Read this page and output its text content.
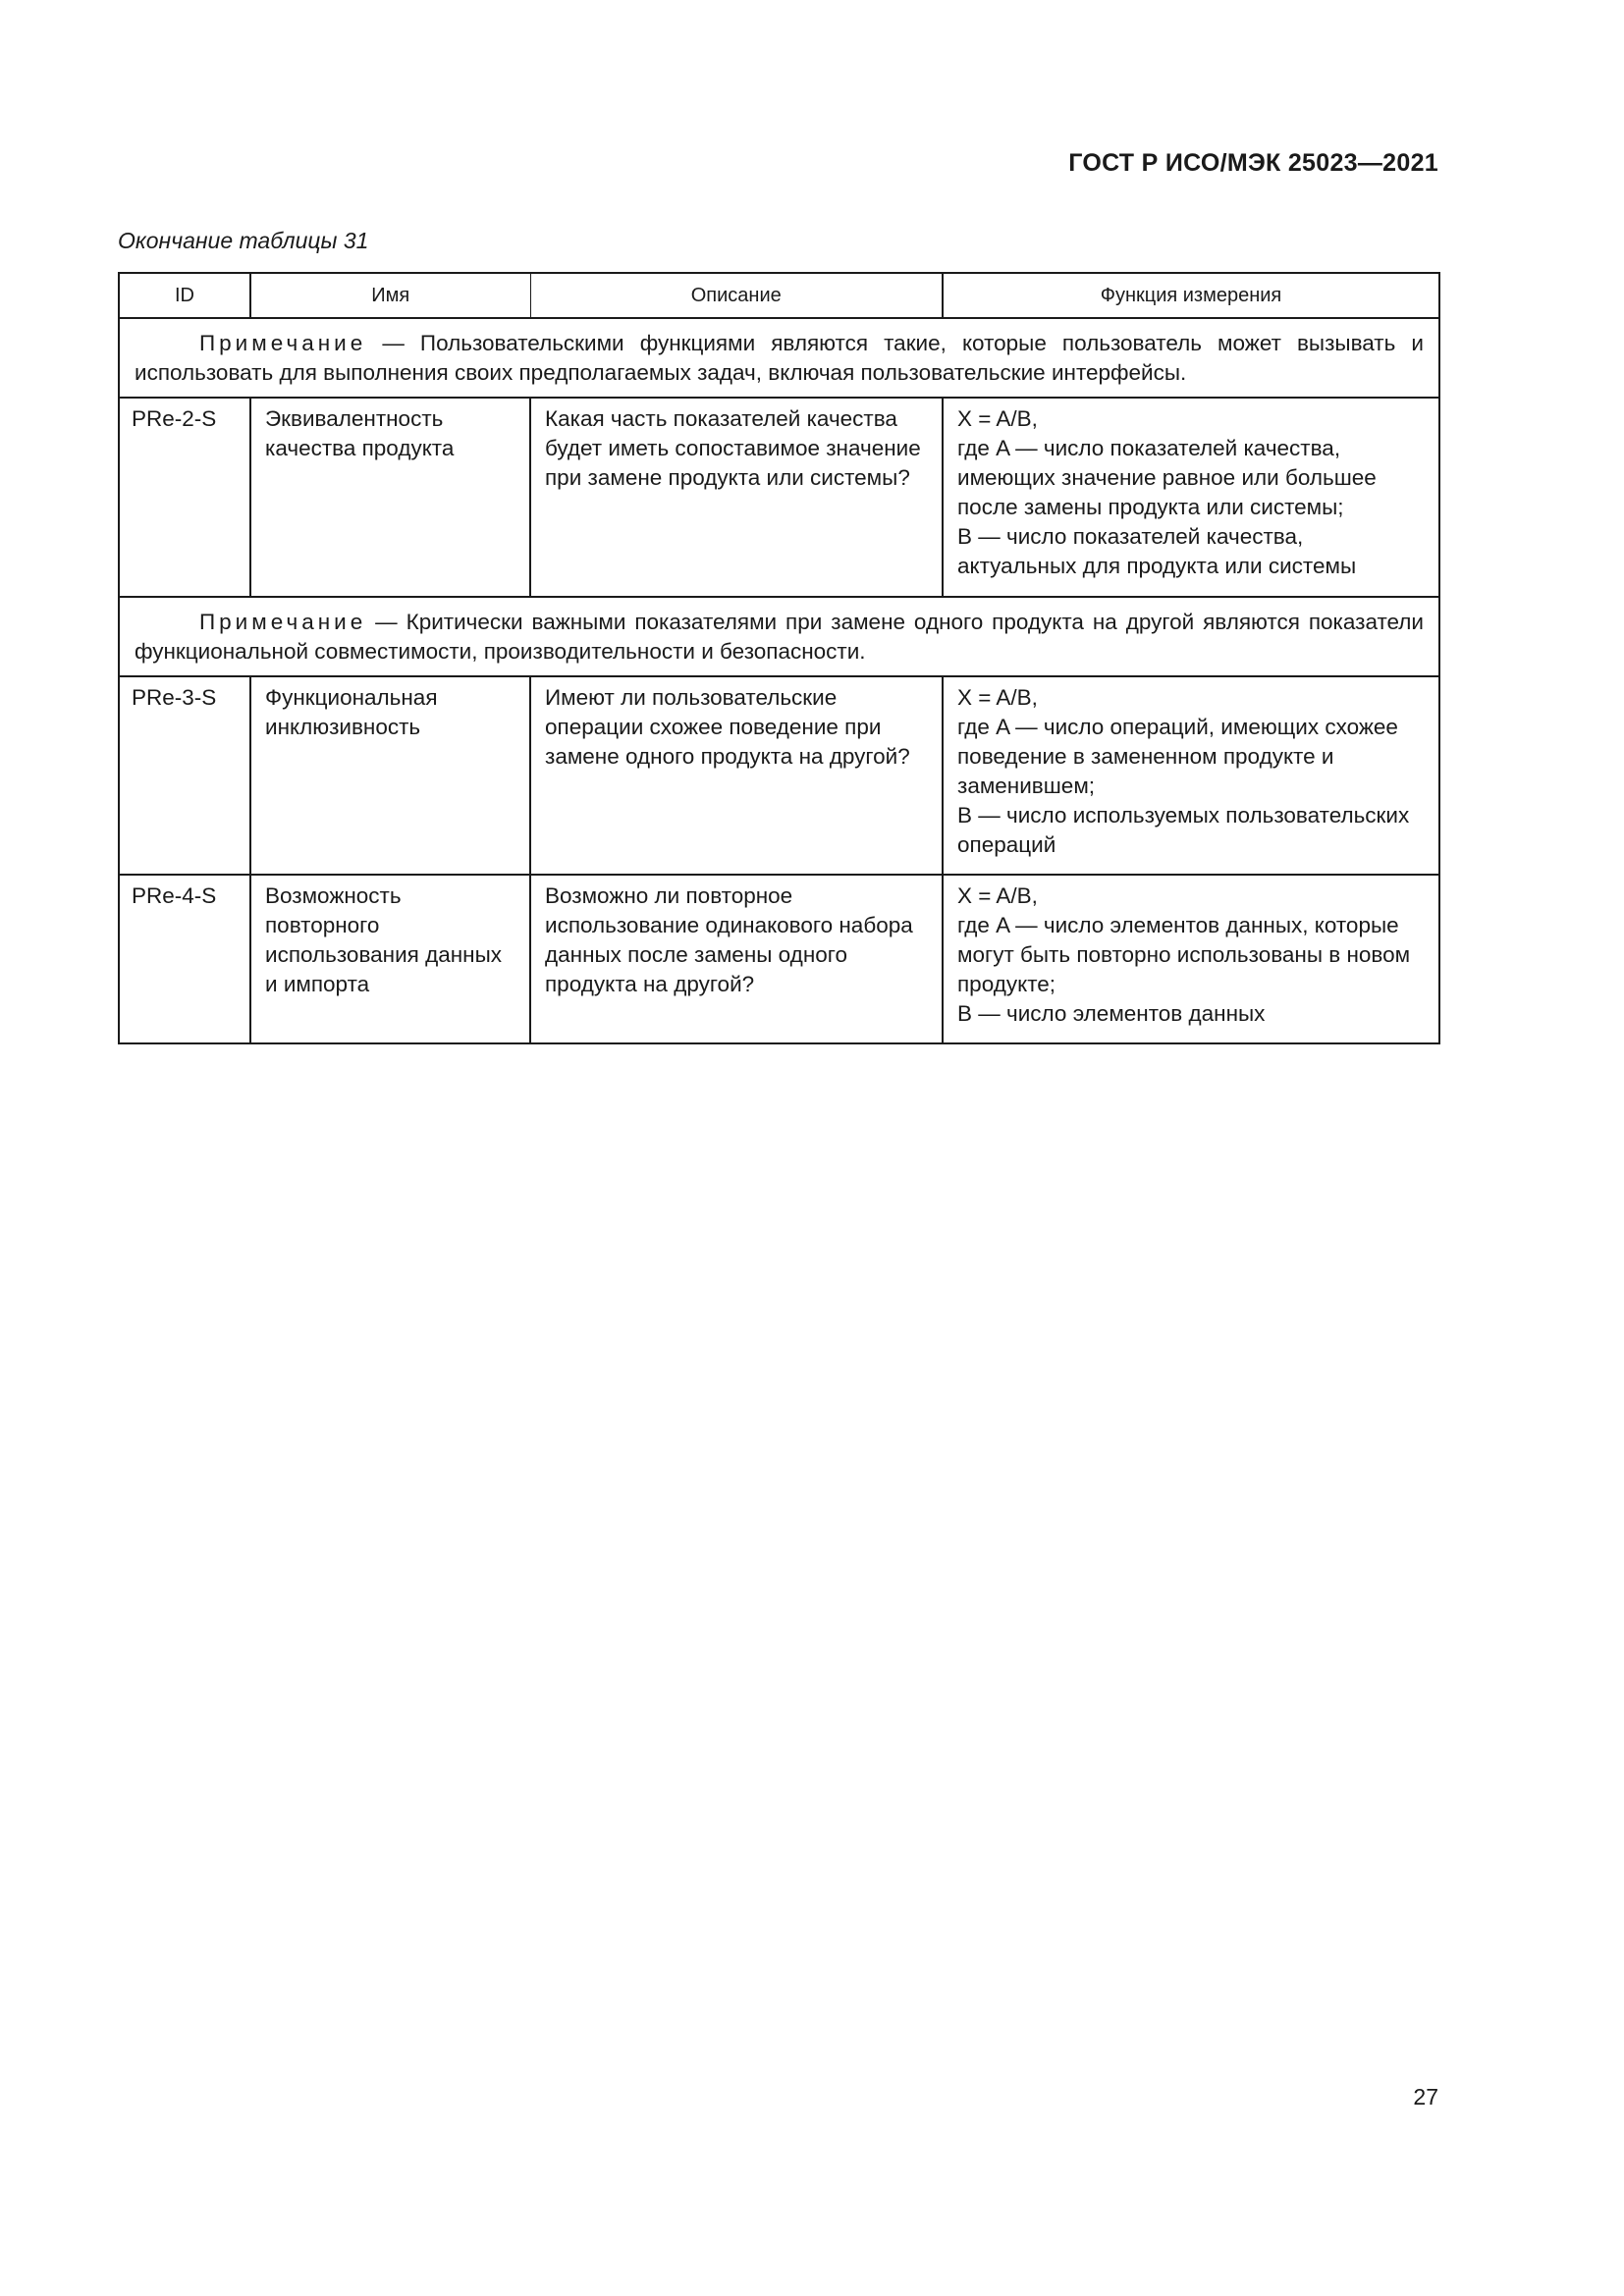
ГОСТ Р ИСО/МЭК 25023—2021
Окончание таблицы 31
ID	Имя	Описание	Функция измерения
Примечание — Пользовательскими функциями являются такие, которые пользователь может вызывать и использовать для выполнения своих предполагаемых задач, включая пользовательские интерфейсы.			
PRe-2-S	Эквивалентность качества продукта	Какая часть показателей качества будет иметь сопоставимое значение при замене продукта или системы?	X = A/B,
где A — число показателей качества, имеющих значение равное или большее после замены продукта или системы;
B — число показателей качества, актуальных для продукта или системы

Примечание — Критически важными показателями при замене одного продукта на другой являются показатели функциональной совместимости, производительности и безопасности.			
PRe-3-S	Функциональная инклюзивность	Имеют ли пользовательские операции схожее поведение при замене одного продукта на другой?	X = A/B,
где A — число операций, имеющих схожее поведение в замененном продукте и заменившем;
B — число используемых пользовательских операций

PRe-4-S	Возможность повторного использования данных и импорта	Возможно ли повторное использование одинакового набора данных после замены одного продукта на другой?	X = A/B,
где A — число элементов данных, которые могут быть повторно использованы в новом продукте;
B — число элементов данных
27
